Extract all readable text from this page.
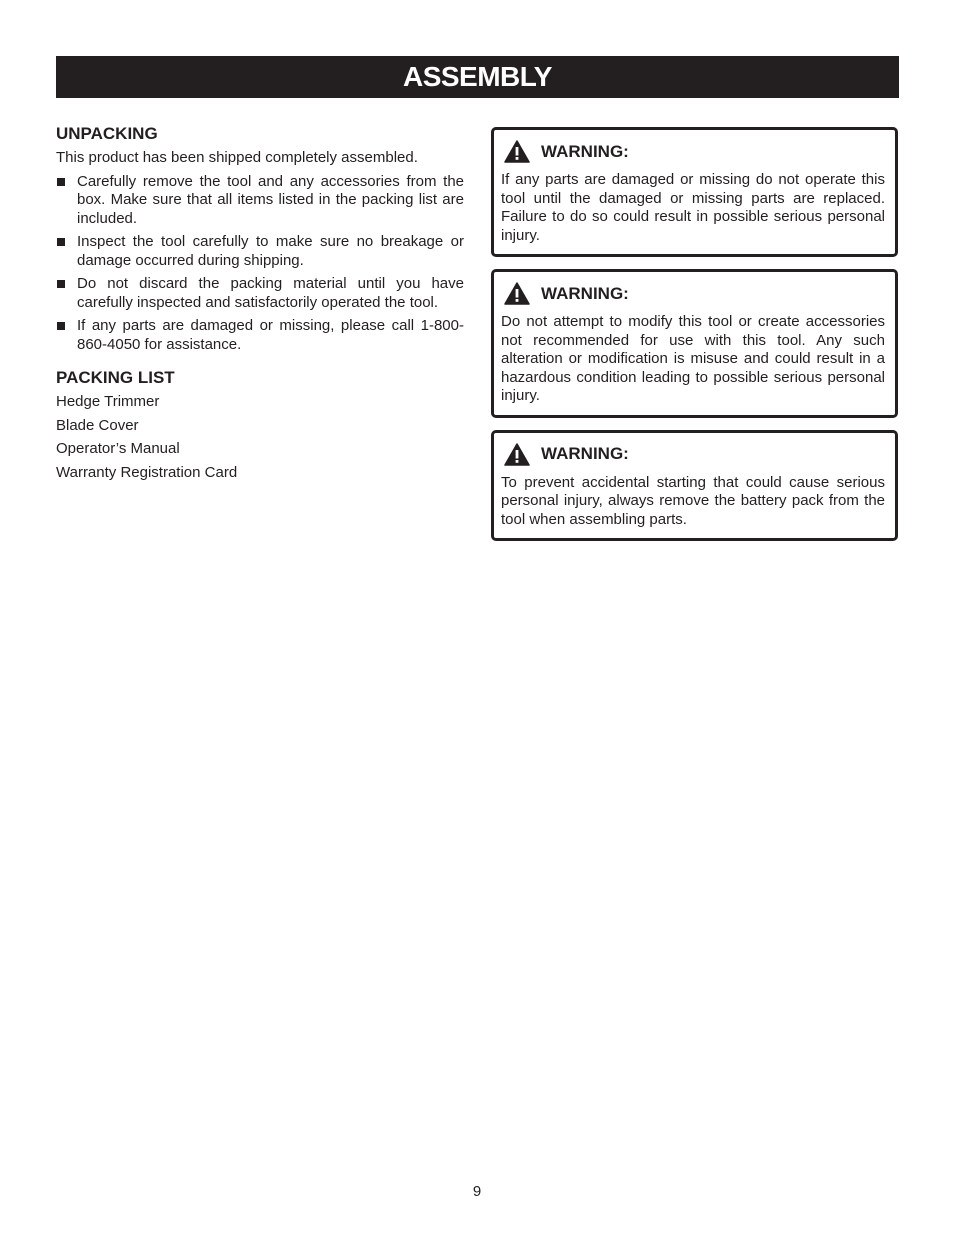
ASSEMBLY
UNPACKING

This product has been shipped completely assembled.

Carefully remove the tool and any accessories from the box. Make sure that all items listed in the packing list are included.
Inspect the tool carefully to make sure no breakage or damage occurred during shipping.
Do not discard the packing material until you have carefully inspected and satisfactorily operated the tool.
If any parts are damaged or missing, please call 1-800-860-4050 for assistance.
PACKING LIST
Hedge Trimmer
Blade Cover
Operator’s Manual
Warranty Registration Card
WARNING:

If any parts are damaged or missing do not operate this tool until the damaged or missing parts are replaced. Failure to do so could result in possible serious personal injury.

WARNING:

Do not attempt to modify this tool or create accessories not recommended for use with this tool. Any such alteration or modification is misuse and could result in a hazardous condition leading to possible serious personal injury.

WARNING:

To prevent accidental starting that could cause serious personal injury, always remove the battery pack from the tool when assembling parts.

9
